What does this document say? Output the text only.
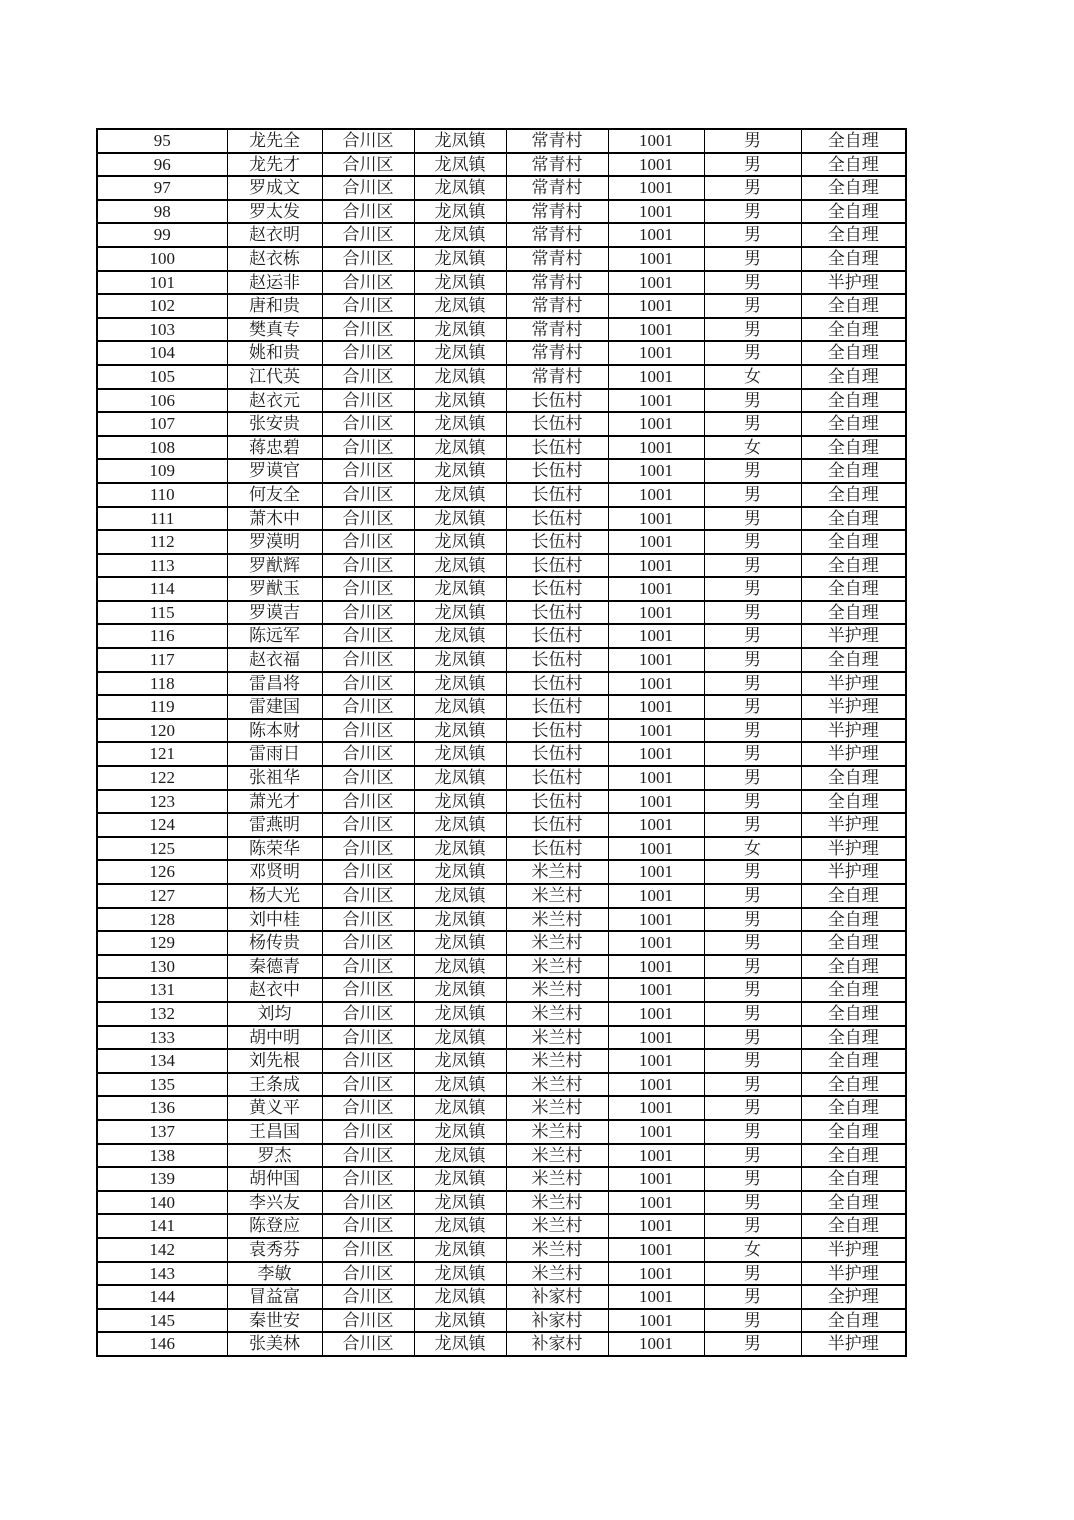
95	龙先全	合川区	龙凤镇	常青村	1001	男	全自理
96	龙先才	合川区	龙凤镇	常青村	1001	男	全自理
97	罗成文	合川区	龙凤镇	常青村	1001	男	全自理
98	罗太发	合川区	龙凤镇	常青村	1001	男	全自理
99	赵衣明	合川区	龙凤镇	常青村	1001	男	全自理
100	赵衣栋	合川区	龙凤镇	常青村	1001	男	全自理
101	赵运非	合川区	龙凤镇	常青村	1001	男	半护理
102	唐和贵	合川区	龙凤镇	常青村	1001	男	全自理
103	樊真专	合川区	龙凤镇	常青村	1001	男	全自理
104	姚和贵	合川区	龙凤镇	常青村	1001	男	全自理
105	江代英	合川区	龙凤镇	常青村	1001	女	全自理
106	赵衣元	合川区	龙凤镇	长伍村	1001	男	全自理
107	张安贵	合川区	龙凤镇	长伍村	1001	男	全自理
108	蒋忠碧	合川区	龙凤镇	长伍村	1001	女	全自理
109	罗谟官	合川区	龙凤镇	长伍村	1001	男	全自理
110	何友全	合川区	龙凤镇	长伍村	1001	男	全自理
111	萧木中	合川区	龙凤镇	长伍村	1001	男	全自理
112	罗漠明	合川区	龙凤镇	长伍村	1001	男	全自理
113	罗猷辉	合川区	龙凤镇	长伍村	1001	男	全自理
114	罗猷玉	合川区	龙凤镇	长伍村	1001	男	全自理
115	罗谟吉	合川区	龙凤镇	长伍村	1001	男	全自理
116	陈远军	合川区	龙凤镇	长伍村	1001	男	半护理
117	赵衣福	合川区	龙凤镇	长伍村	1001	男	全自理
118	雷昌将	合川区	龙凤镇	长伍村	1001	男	半护理
119	雷建国	合川区	龙凤镇	长伍村	1001	男	半护理
120	陈本财	合川区	龙凤镇	长伍村	1001	男	半护理
121	雷雨日	合川区	龙凤镇	长伍村	1001	男	半护理
122	张祖华	合川区	龙凤镇	长伍村	1001	男	全自理
123	萧光才	合川区	龙凤镇	长伍村	1001	男	全自理
124	雷燕明	合川区	龙凤镇	长伍村	1001	男	半护理
125	陈荣华	合川区	龙凤镇	长伍村	1001	女	半护理
126	邓贤明	合川区	龙凤镇	米兰村	1001	男	半护理
127	杨大光	合川区	龙凤镇	米兰村	1001	男	全自理
128	刘中桂	合川区	龙凤镇	米兰村	1001	男	全自理
129	杨传贵	合川区	龙凤镇	米兰村	1001	男	全自理
130	秦德青	合川区	龙凤镇	米兰村	1001	男	全自理
131	赵衣中	合川区	龙凤镇	米兰村	1001	男	全自理
132	刘均	合川区	龙凤镇	米兰村	1001	男	全自理
133	胡中明	合川区	龙凤镇	米兰村	1001	男	全自理
134	刘先根	合川区	龙凤镇	米兰村	1001	男	全自理
135	王条成	合川区	龙凤镇	米兰村	1001	男	全自理
136	黄义平	合川区	龙凤镇	米兰村	1001	男	全自理
137	王昌国	合川区	龙凤镇	米兰村	1001	男	全自理
138	罗杰	合川区	龙凤镇	米兰村	1001	男	全自理
139	胡仲国	合川区	龙凤镇	米兰村	1001	男	全自理
140	李兴友	合川区	龙凤镇	米兰村	1001	男	全自理
141	陈登应	合川区	龙凤镇	米兰村	1001	男	全自理
142	袁秀芬	合川区	龙凤镇	米兰村	1001	女	半护理
143	李敏	合川区	龙凤镇	米兰村	1001	男	半护理
144	冒益富	合川区	龙凤镇	补家村	1001	男	全护理
145	秦世安	合川区	龙凤镇	补家村	1001	男	全自理
146	张美林	合川区	龙凤镇	补家村	1001	男	半护理
